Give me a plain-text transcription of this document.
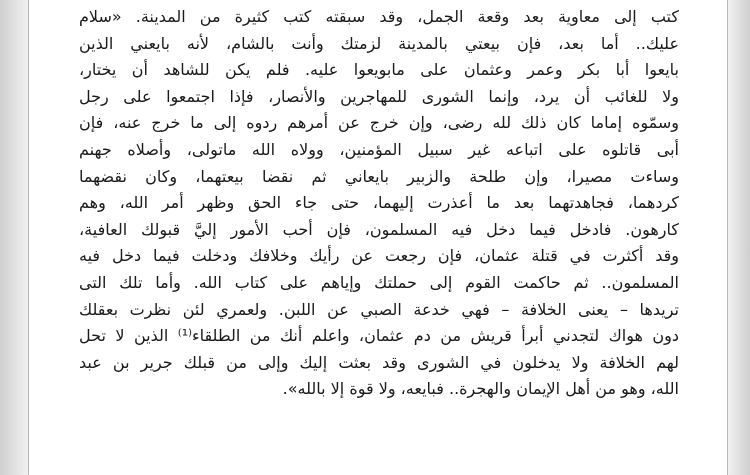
كتب إلى معاوية بعد وقعة الجمل، وقد سبقته كتب كثيرة من المدينة. «سلام
عليك.. أما بعد، فإن بيعتي بالمدينة لزمتك وأنت بالشام، لأنه بايعني الذين
بايعوا أبا بكر وعمر وعثمان على مابويعوا عليه. فلم يكن للشاهد أن يختار،
ولا للغائب أن يرد، وإنما الشورى للمهاجرين والأنصار، فإذا اجتمعوا على رجل
وسمّوه إماما كان ذلك لله رضى، وإن خرج عن أمرهم ردوه إلى ما خرج عنه، فإن
أبى قاتلوه على اتباعه غير سبيل المؤمنين، وولاه الله ماتولى، وأصلاه جهنم
وساءت مصيرا، وإن طلحة والزبير بايعاني ثم نقضا بيعتهما، وكان نقضهما
كردهما، فجاهدتهما بعد ما أعذرت إليهما، حتى جاء الحق وظهر أمر الله، وهم
كارهون. فادخل فيما دخل فيه المسلمون، فإن أحب الأمور إليَّ قبولك العافية،
وقد أكثرت في قتلة عثمان، فإن رجعت عن رأيك وخلافك ودخلت فيما دخل فيه
المسلمون.. ثم حاكمت القوم إلى حملتك وإياهم على كتاب الله. وأما تلك التى
تريدها – يعنى الخلافة – فهي خدعة الصبي عن اللبن. ولعمري لئن نظرت بعقلك
دون هواك لتجدني أبرأ قريش من دم عثمان، واعلم أنك من الطلقاء⁽¹⁾ الذين لا تحل
لهم الخلافة ولا يدخلون في الشورى وقد بعثت إليك وإلى من قبلك جرير بن عبد
الله، وهو من أهل الإيمان والهجرة.. فبايعه، ولا قوة إلا بالله».
